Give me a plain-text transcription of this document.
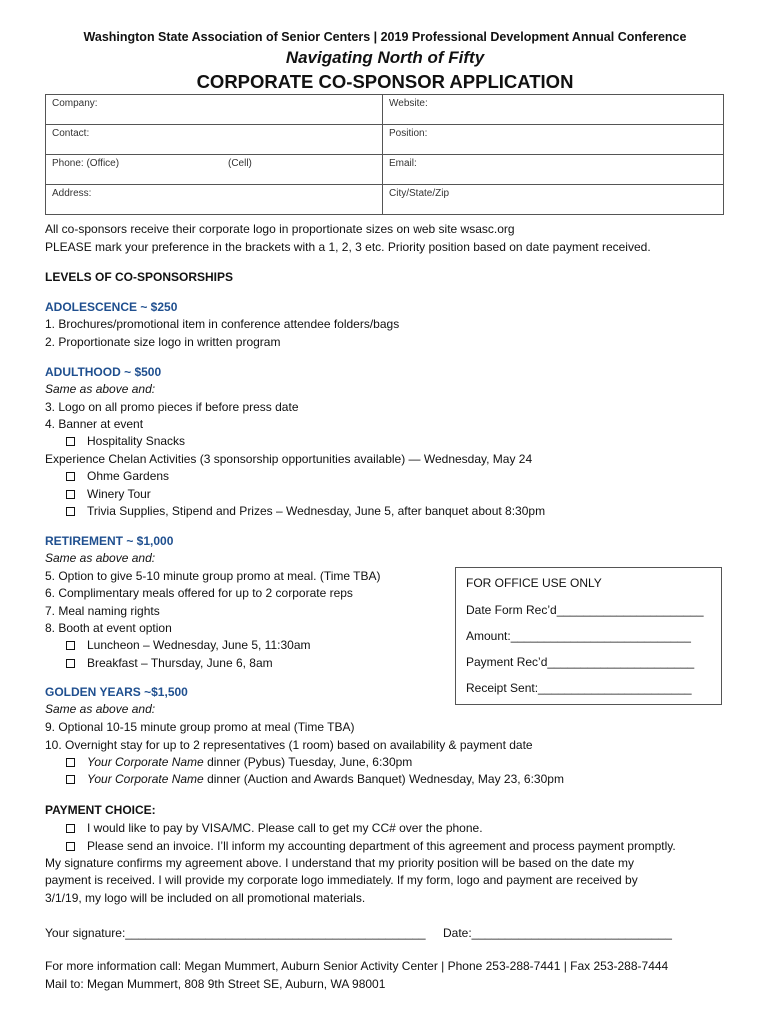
Washington State Association of Senior Centers | 2019 Professional Development Annual Conference
Navigating North of Fifty
CORPORATE CO-SPONSOR APPLICATION
Company:	Website:
Contact:	Position:
Phone: (Office) (Cell)	Email:
Address:	City/State/Zip
All co-sponsors receive their corporate logo in proportionate sizes on web site wsasc.org
PLEASE mark your preference in the brackets with a 1, 2, 3 etc. Priority position based on date payment received.
LEVELS OF CO-SPONSORSHIPS
ADOLESCENCE ~ $250
1. Brochures/promotional item in conference attendee folders/bags
2. Proportionate size logo in written program
ADULTHOOD ~ $500
Same as above and:
3. Logo on all promo pieces if before press date
4. Banner at event
Hospitality Snacks
Experience Chelan Activities (3 sponsorship opportunities available) — Wednesday, May 24
Ohme Gardens
Winery Tour
Trivia Supplies, Stipend and Prizes – Wednesday, June 5, after banquet about 8:30pm
RETIREMENT ~ $1,000
Same as above and:
5. Option to give 5-10 minute group promo at meal. (Time TBA)
6. Complimentary meals offered for up to 2 corporate reps
7. Meal naming rights
8. Booth at event option
Luncheon – Wednesday, June 5, 11:30am
Breakfast – Thursday, June 6, 8am
FOR OFFICE USE ONLY
Date Form Rec’d______________________
Amount:___________________________
Payment Rec’d______________________
Receipt Sent:_______________________
GOLDEN YEARS ~$1,500
Same as above and:
9. Optional 10-15 minute group promo at meal (Time TBA)
10. Overnight stay for up to 2 representatives (1 room) based on availability & payment date
Your Corporate Name dinner (Pybus) Tuesday, June, 6:30pm
Your Corporate Name dinner (Auction and Awards Banquet) Wednesday, May 23, 6:30pm
PAYMENT CHOICE:
I would like to pay by VISA/MC. Please call to get my CC# over the phone.
Please send an invoice. I’ll inform my accounting department of this agreement and process payment promptly.
My signature confirms my agreement above. I understand that my priority position will be based on the date my
payment is received. I will provide my corporate logo immediately. If my form, logo and payment are received by
3/1/19, my logo will be included on all promotional materials.
Your signature:_____________________________________________ Date:______________________________
For more information call: Megan Mummert, Auburn Senior Activity Center | Phone 253-288-7441 | Fax 253-288-7444
Mail to: Megan Mummert, 808 9th Street SE, Auburn, WA 98001
